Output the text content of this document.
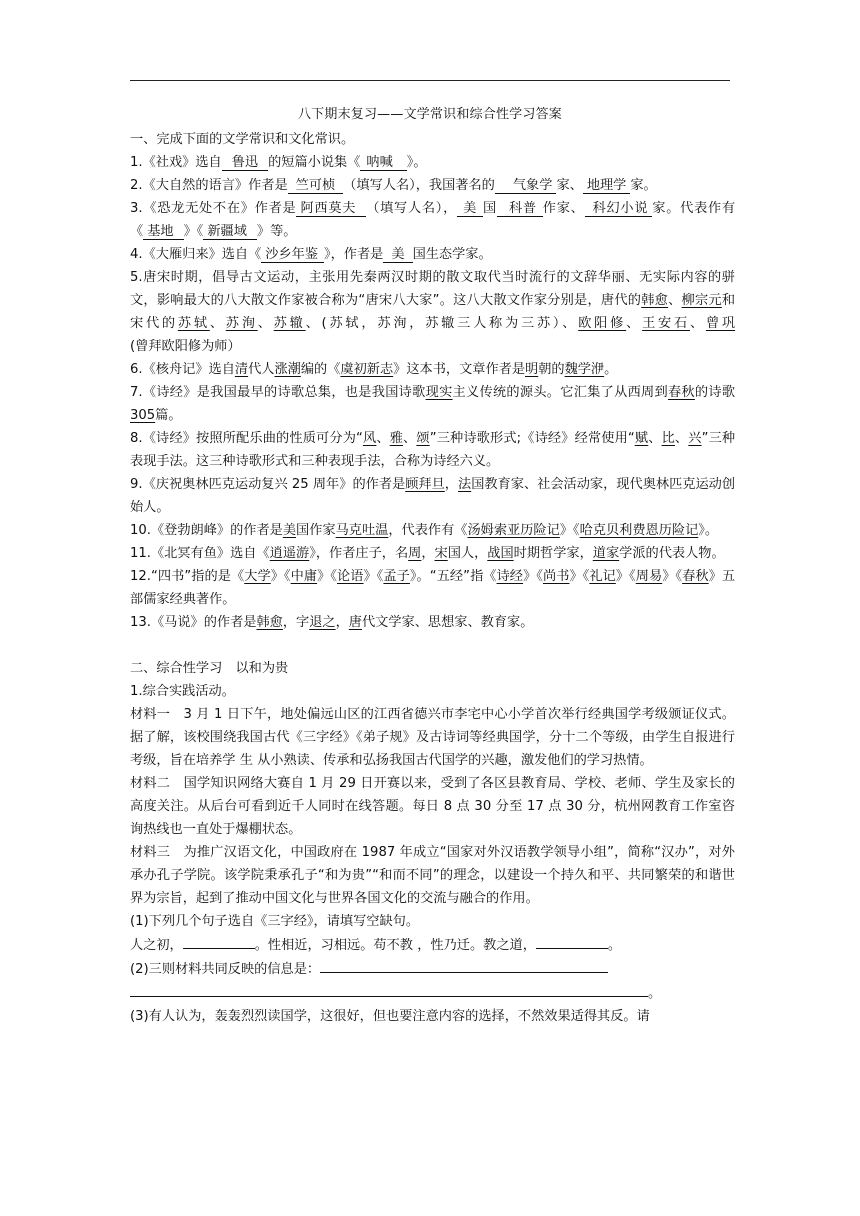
八下期末复习——文学常识和综合性学习答案

一、完成下面的文学常识和文化常识。

1.《社戏》选自 鲁迅 的短篇小说集《 呐喊 》。

2.《大自然的语言》作者是 竺可桢 （填写人名），我国著名的 气象学 家、 地理学 家。

3.《恐龙无处不在》作者是 阿西莫夫 （填写人名）， 美 国 科普 作家、 科幻小说 家。代表作有《 基地 》《 新疆域 》等。

4.《大雁归来》选自《 沙乡年鉴 》，作者是 美 国生态学家。

5.唐宋时期，倡导古文运动，主张用先秦两汉时期的散文取代当时流行的文辞华丽、无实际内容的骈文，影响最大的八大散文作家被合称为“唐宋八大家”。这八大散文作家分别是，唐代的韩愈、柳宗元和宋代的苏轼、苏洵、苏辙、(苏轼，苏洵，苏辙三人称为三苏）、欧阳修、王安石、曾巩(曾拜欧阳修为师）

6.《核舟记》选自清代人涨潮编的《虞初新志》这本书，文章作者是明朝的魏学洢。

7.《诗经》是我国最早的诗歌总集，也是我国诗歌现实主义传统的源头。它汇集了从西周到春秋的诗歌305篇。

8.《诗经》按照所配乐曲的性质可分为“风、雅、颂”三种诗歌形式;《诗经》经常使用“赋、比、兴”三种表现手法。这三种诗歌形式和三种表现手法，合称为诗经六义。

9.《庆祝奥林匹克运动复兴 25 周年》的作者是顾拜旦，法国教育家、社会活动家，现代奥林匹克运动创始人。

10.《登勃朗峰》的作者是美国作家马克吐温，代表作有《汤姆索亚历险记》《哈克贝利费恩历险记》。

11.《北冥有鱼》选自《逍遥游》，作者庄子，名周，宋国人，战国时期哲学家，道家学派的代表人物。

12.“四书”指的是《大学》《中庸》《论语》《孟子》。“五经”指《诗经》《尚书》《礼记》《周易》《春秋》五部儒家经典著作。

13.《马说》的作者是韩愈，字退之，唐代文学家、思想家、教育家。

二、综合性学习　以和为贵

1.综合实践活动。

材料一　3 月 1 日下午，地处偏远山区的江西省德兴市李宅中心小学首次举行经典国学考级颁证仪式。据了解，该校围绕我国古代《三字经》《弟子规》及古诗词等经典国学，分十二个等级，由学生自报进行考级，旨在培养学 生 从小熟读、传承和弘扬我国古代国学的兴趣，激发他们的学习热情。

材料二　国学知识网络大赛自 1 月 29 日开赛以来，受到了各区县教育局、学校、老师、学生及家长的高度关注。从后台可看到近千人同时在线答题。每日 8 点 30 分至 17 点 30 分，杭州网教育工作室咨询热线也一直处于爆棚状态。

材料三　为推广汉语文化，中国政府在 1987 年成立“国家对外汉语教学领导小组”，简称“汉办”，对外承办孔子学院。该学院秉承孔子“和为贵”“和而不同”的理念，以建设一个持久和平、共同繁荣的和谐世界为宗旨，起到了推动中国文化与世界各国文化的交流与融合的作用。

(1)下列几个句子选自《三字经》，请填写空缺句。

人之初，	。性相近，习相远。苟不教 ，性乃迁。教之道，	。

(2)三则材料共同反映的信息是：

。

(3)有人认为，轰轰烈烈读国学，这很好，但也要注意内容的选择，不然效果适得其反。请
